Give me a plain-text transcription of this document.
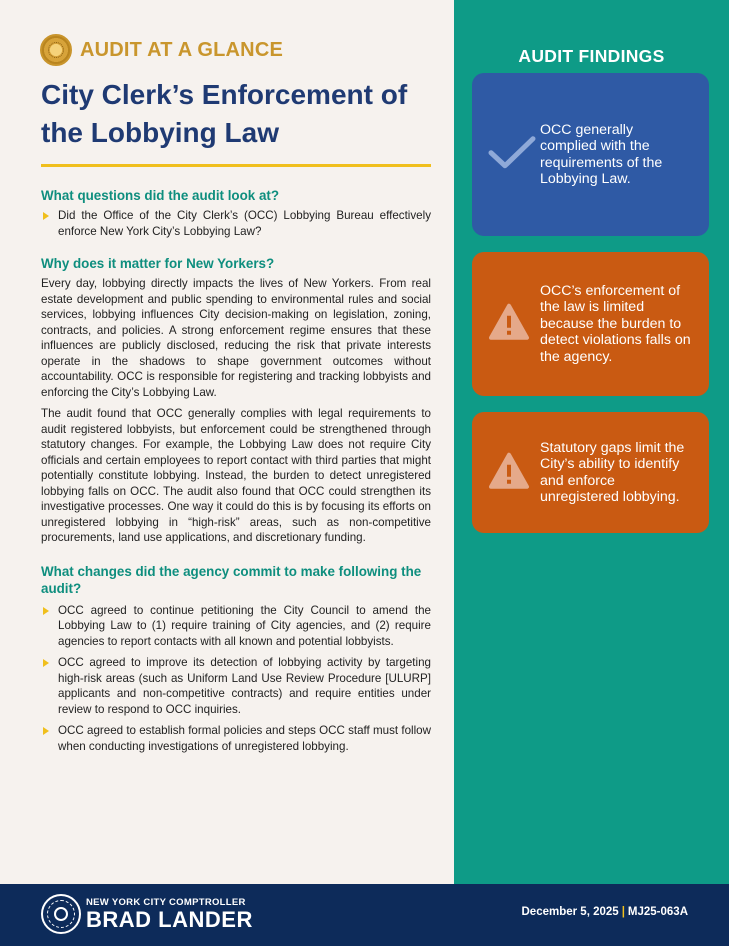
AUDIT AT A GLANCE
City Clerk’s Enforcement of the Lobbying Law
What questions did the audit look at?
Did the Office of the City Clerk’s (OCC) Lobbying Bureau effectively enforce New York City’s Lobbying Law?
Why does it matter for New Yorkers?

Every day, lobbying directly impacts the lives of New Yorkers. From real estate development and public spending to environmental rules and social services, lobbying influences City decision-making on legislation, zoning, contracts, and policies. A strong enforcement regime ensures that these influences are publicly disclosed, reducing the risk that private interests operate in the shadows to shape government outcomes without accountability. OCC is responsible for registering and tracking lobbyists and enforcing the City’s Lobbying Law.

The audit found that OCC generally complies with legal requirements to audit registered lobbyists, but enforcement could be strengthened through statutory changes. For example, the Lobbying Law does not require City officials and certain employees to report contact with third parties that might potentially constitute lobbying. Instead, the burden to detect unregistered lobbying falls on OCC. The audit also found that OCC could strengthen its investigative processes. One way it could do this is by focusing its efforts on unregistered lobbying in “high-risk” areas, such as non-competitive procurements, land use applications, and discretionary funding.

What changes did the agency commit to make following the audit?
OCC agreed to continue petitioning the City Council to amend the Lobbying Law to (1) require training of City agencies, and (2) require agencies to report contacts with all known and potential lobbyists.
OCC agreed to improve its detection of lobbying activity by targeting high-risk areas (such as Uniform Land Use Review Procedure [ULURP] applicants and non-competitive contracts) and require entities under review to respond to OCC inquiries.
OCC agreed to establish formal policies and steps OCC staff must follow when conducting investigations of unregistered lobbying.
AUDIT FINDINGS
OCC generally complied with the requirements of the Lobbying Law.
OCC’s enforcement of the law is limited because the burden to detect violations falls on the agency.
Statutory gaps limit the City’s ability to identify and enforce unregistered lobbying.
NEW YORK CITY COMPTROLLER
BRAD LANDER	December 5, 2025 | MJ25-063A
